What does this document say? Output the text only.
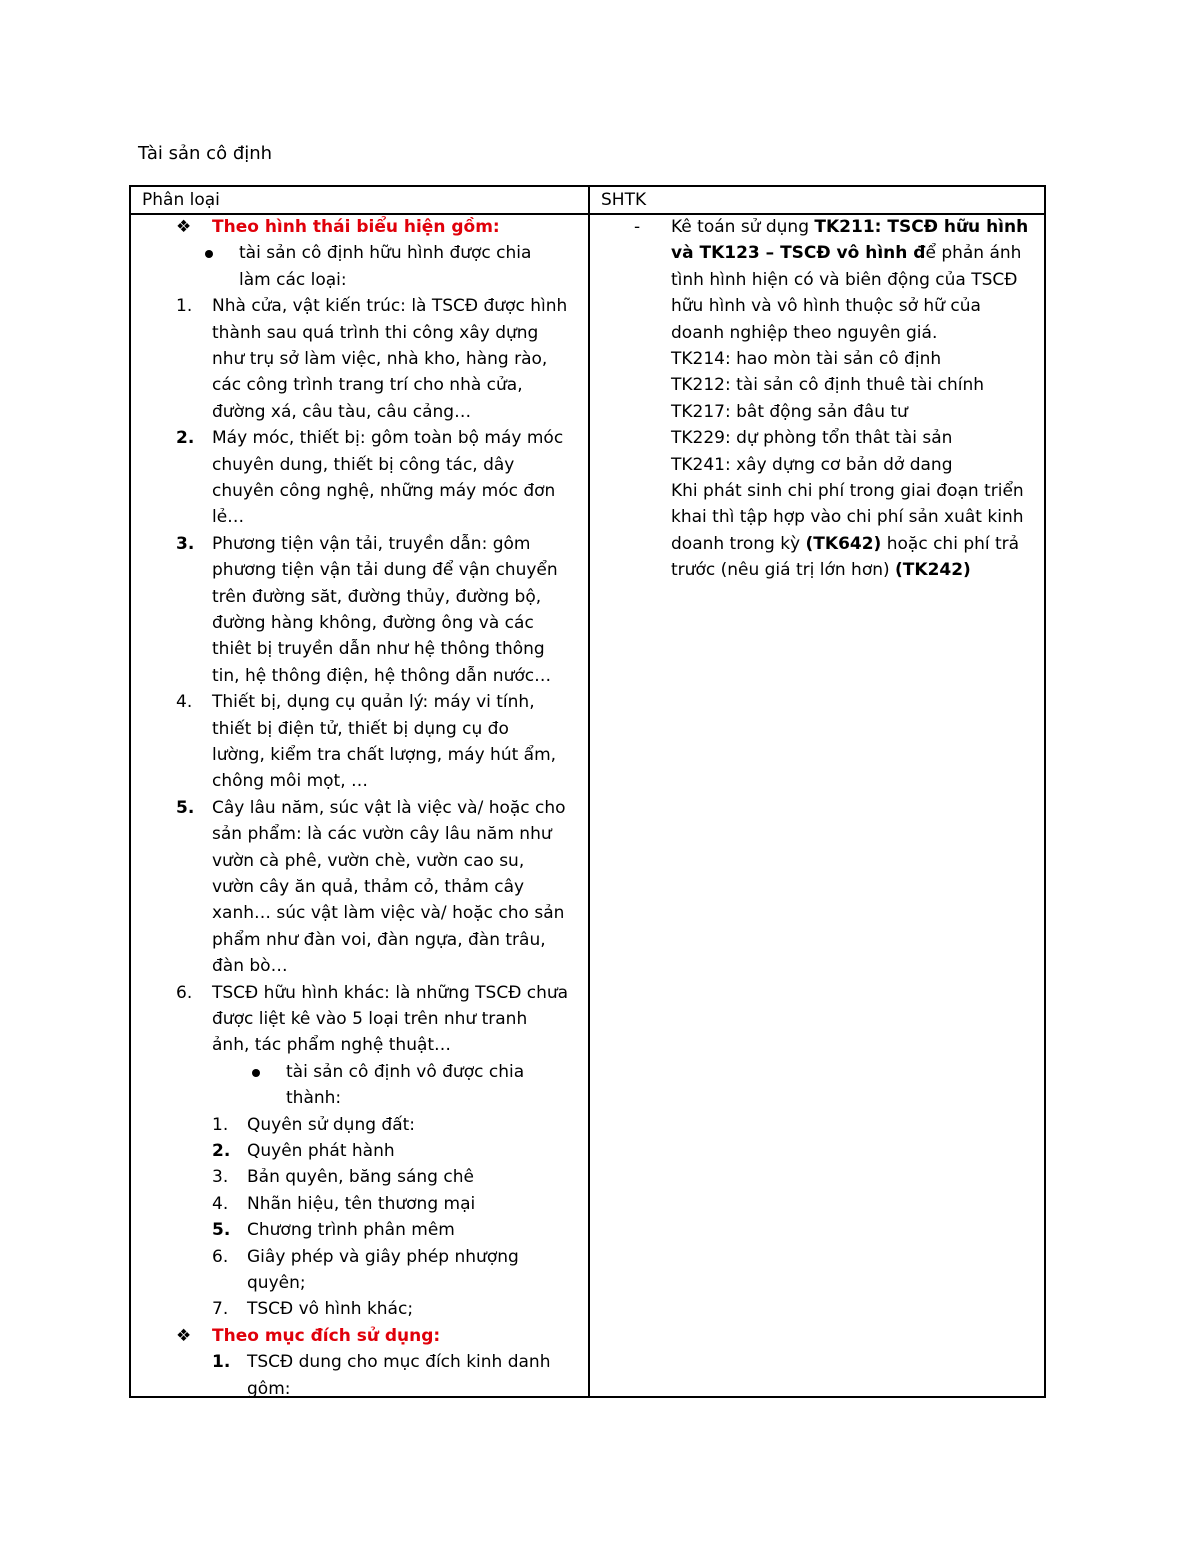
Tài sản cô định
Phân loại	SHTK
❖ Theo hình thái biểu hiện gồm:
tài sản cô định hữu hình được chia
làm các loại:
1. Nhà cửa, vật kiến trúc: là TSCĐ được hình
thành sau quá trình thi công xây dựng
như trụ sở làm việc, nhà kho, hàng rào,
các công trình trang trí cho nhà cửa,
đường xá, câu tàu, câu cảng…
2. Máy móc, thiết bị: gôm toàn bộ máy móc
chuyên dung, thiết bị công tác, dây
chuyên công nghệ, những máy móc đơn
lẻ…
3. Phương tiện vận tải, truyền dẫn: gôm
phương tiện vận tải dung để vận chuyển
trên đường săt, đường thủy, đường bộ,
đường hàng không, đường ông và các
thiêt bị truyền dẫn như hệ thông thông
tin, hệ thông điện, hệ thông dẫn nước…
4. Thiết bị, dụng cụ quản lý: máy vi tính,
thiết bị điện tử, thiết bị dụng cụ đo
lường, kiểm tra chất lượng, máy hút ẩm,
chông môi mọt, …
5. Cây lâu năm, súc vật là việc và/ hoặc cho
sản phẩm: là các vườn cây lâu năm như
vườn cà phê, vườn chè, vườn cao su,
vườn cây ăn quả, thảm cỏ, thảm cây
xanh… súc vật làm việc và/ hoặc cho sản
phẩm như đàn voi, đàn ngựa, đàn trâu,
đàn bò…
6. TSCĐ hữu hình khác: là những TSCĐ chưa
được liệt kê vào 5 loại trên như tranh
ảnh, tác phẩm nghệ thuật…
tài sản cô định vô được chia
thành:
1. Quyên sử dụng đất:
2. Quyên phát hành
3. Bản quyên, băng sáng chê
4. Nhãn hiệu, tên thương mại
5. Chương trình phân mêm
6. Giây phép và giây phép nhượng
quyên;
7. TSCĐ vô hình khác;
❖ Theo mục đích sử dụng:
1. TSCĐ dung cho mục đích kinh danh
gôm:
- Kê toán sử dụng TK211: TSCĐ hữu hình
và TK123 – TSCĐ vô hình để phản ánh
tình hình hiện có và biên động của TSCĐ
hữu hình và vô hình thuộc sở hữ của
doanh nghiệp theo nguyên giá.
TK214: hao mòn tài sản cô định
TK212: tài sản cô định thuê tài chính
TK217: bât động sản đâu tư
TK229: dự phòng tổn thât tài sản
TK241: xây dựng cơ bản dở dang
Khi phát sinh chi phí trong giai đoạn triển
khai thì tập hợp vào chi phí sản xuât kinh
doanh trong kỳ (TK642) hoặc chi phí trả
trước (nêu giá trị lớn hơn) (TK242)
